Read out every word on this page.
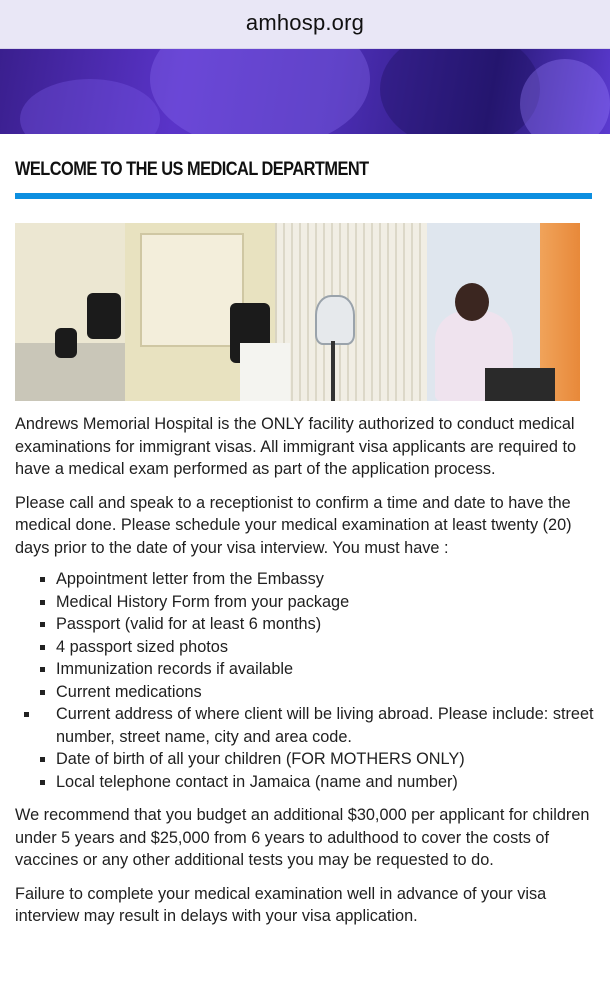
amhosp.org
WELCOME TO THE US MEDICAL DEPARTMENT

Andrews Memorial Hospital is the ONLY facility authorized to conduct medical examinations for immigrant visas. All immigrant visa applicants are required to have a medical exam performed as part of the application process.

Please call and speak to a receptionist to confirm a time and date to have the medical done. Please schedule your medical examination at least twenty (20) days prior to the date of your visa interview. You must have :

Appointment letter from the Embassy
Medical History Form from your package
Passport (valid for at least 6 months)
4 passport sized photos
Immunization records if available
Current medications
Current address of where client will be living abroad. Please include: street number, street name, city and area code.
Date of birth of all your children (FOR MOTHERS ONLY)
Local telephone contact in Jamaica (name and number)

We recommend that you budget an additional $30,000 per applicant for children under 5 years and $25,000 from 6 years to adulthood to cover the costs of vaccines or any other additional tests you may be requested to do.

Failure to complete your medical examination well in advance of your visa interview may result in delays with your visa application.
